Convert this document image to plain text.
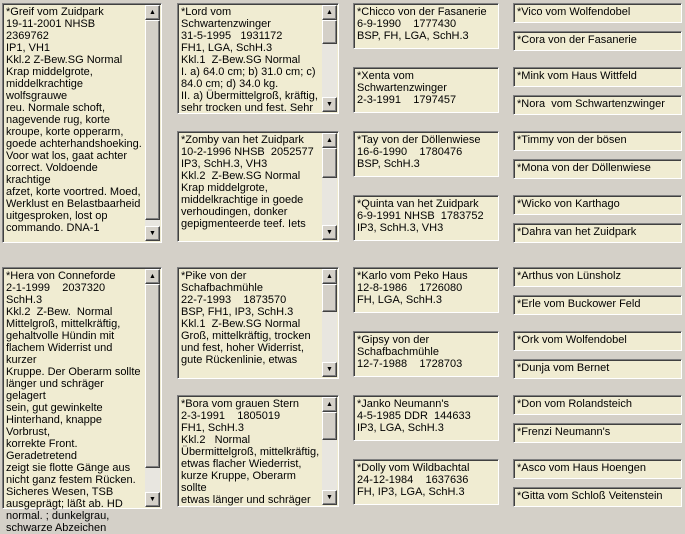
*Greif vom Zuidpark
19-11-2001 NHSB  2369762
IP1, VH1
Kkl.2 Z-Bew.SG Normal
Krap middelgrote,
middelkrachtige wolfsgrauwe
reu. Normale schoft,
nagevende rug, korte
kroupe, korte opperarm,
goede achterhandshoeking.
Voor wat los, gaat achter
correct. Voldoende krachtige
afzet, korte voortred. Moed,
Werklust en Belastbaarheid
uitgesproken, lost op
commando. DNA-1
▲
▼
*Lord vom Schwartenzwinger
31-5-1995   1931172
FH1, LGA, SchH.3
Kkl.1  Z-Bew.SG Normal
I. a) 64.0 cm; b) 31.0 cm; c)
84.0 cm; d) 34.0 kg.
II. a) Übermittelgroß, kräftig,
sehr trocken und fest. Sehr
▲
▼
*Zomby van het Zuidpark
10-2-1996 NHSB  2052577
IP3, SchH.3, VH3
Kkl.2  Z-Bew.SG Normal
Krap middelgrote,
middelkrachtige in goede
verhoudingen, donker
gepigmenteerde teef. Iets
▲
▼
*Chicco von der Fasanerie
6-9-1990    1777430
BSP, FH, LGA, SchH.3
*Xenta vom
Schwartenzwinger
2-3-1991    1797457
*Tay von der Döllenwiese
16-6-1990    1780476
BSP, SchH.3
*Quinta van het Zuidpark
6-9-1991 NHSB  1783752
IP3, SchH.3, VH3
*Vico vom Wolfendobel
*Cora von der Fasanerie
*Mink vom Haus Wittfeld
*Nora  vom Schwartenzwinger
*Timmy von der bösen
*Mona von der Döllenwiese
*Wicko von Karthago
*Dahra van het Zuidpark
*Hera von Conneforde
2-1-1999    2037320
SchH.3
Kkl.2  Z-Bew.  Normal
Mittelgroß, mittelkräftig,
gehaltvolle Hündin mit
flachem Widerrist und kurzer
Kruppe. Der Oberarm sollte
länger und schräger gelagert
sein, gut gewinkelte
Hinterhand, knappe Vorbrust,
korrekte Front. Geradetretend
zeigt sie flotte Gänge aus
nicht ganz festem Rücken.
Sicheres Wesen, TSB
ausgeprägt; läßt ab. HD
normal. ; dunkelgrau,
schwarze Abzeichen
▲
▼
*Pike von der
Schafbachmühle
22-7-1993    1873570
BSP, FH1, IP3, SchH.3
Kkl.1  Z-Bew.SG Normal
Groß, mittelkräftig, trocken
und fest, hoher Widerrist,
gute Rückenlinie, etwas
▲
▼
*Bora vom grauen Stern
2-3-1991    1805019
FH1, SchH.3
Kkl.2   Normal
Übermittelgroß, mittelkräftig,
etwas flacher Wiederrist,
kurze Kruppe, Oberarm sollte
etwas länger und schräger
▲
▼
*Karlo vom Peko Haus
12-8-1986    1726080
FH, LGA, SchH.3
*Gipsy von der
Schafbachmühle
12-7-1988    1728703
*Janko Neumann's
4-5-1985 DDR  144633
IP3, LGA, SchH.3
*Dolly vom Wildbachtal
24-12-1984    1637636
FH, IP3, LGA, SchH.3
*Arthus von Lünsholz
*Erle vom Buckower Feld
*Ork vom Wolfendobel
*Dunja vom Bernet
*Don vom Rolandsteich
*Frenzi Neumann's
*Asco vom Haus Hoengen
*Gitta vom Schloß Veitenstein
